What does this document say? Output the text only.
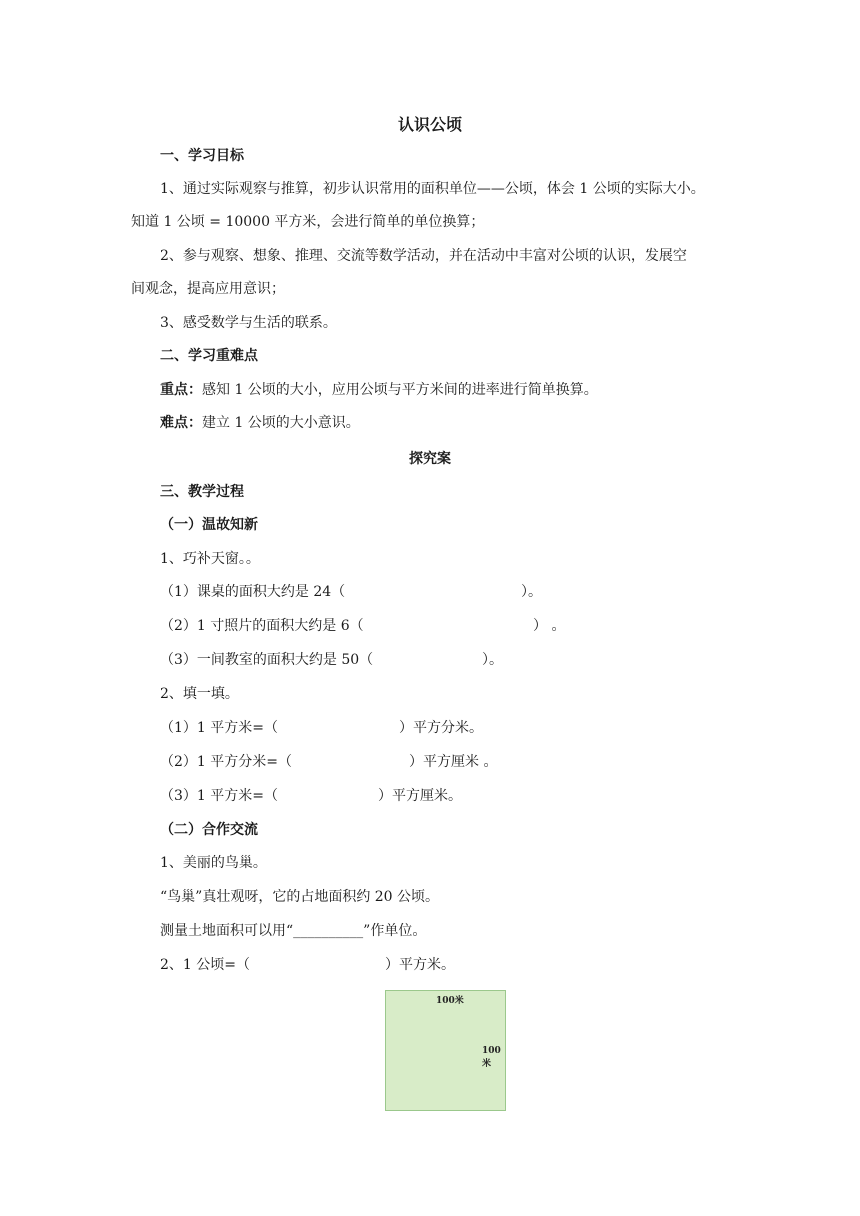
认识公顷
一、学习目标
1、通过实际观察与推算，初步认识常用的面积单位——公顷，体会 1 公顷的实际大小。
知道 1 公顷 = 10000 平方米，会进行简单的单位换算；
2、参与观察、想象、推理、交流等数学活动，并在活动中丰富对公顷的认识，发展空
间观念，提高应用意识；
3、感受数学与生活的联系。
二、学习重难点
重点：感知 1 公顷的大小，应用公顷与平方米间的进率进行简单换算。
难点：建立 1 公顷的大小意识。
探究案
三、教学过程
（一）温故知新
1、巧补天窗。。
（1）课桌的面积大约是 24（	）。
（2）1 寸照片的面积大约是 6（	） 。
（3）一间教室的面积大约是 50（	）。
2、填一填。
（1）1 平方米=（	）平方分米。
（2）1 平方分米=（	）平方厘米 。
（3）1 平方米=（	）平方厘米。
（二）合作交流
1、美丽的鸟巢。
“鸟巢”真壮观呀，它的占地面积约 20 公顷。
测量土地面积可以用“__________”作单位。
2、1 公顷=（	）平方米。
100米
100米
